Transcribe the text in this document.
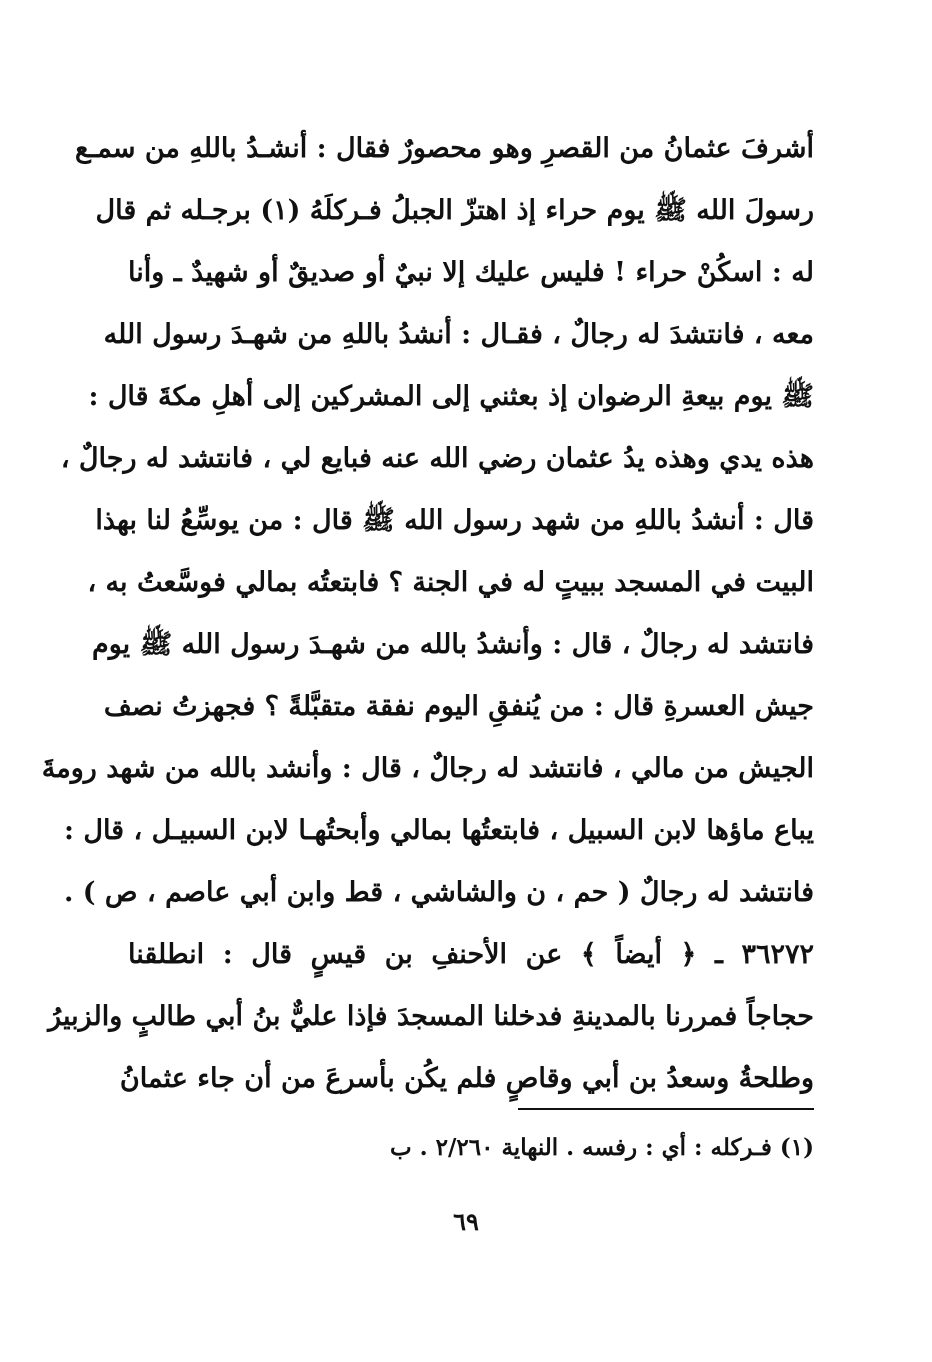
أشرفَ عثمانُ من القصرِ وهو محصورٌ فقال : أنشـدُ باللهِ من سمـع
رسولَ الله ﷺ يوم حراء إذ اهتزّ الجبلُ فـركلَهُ (١) برجـله ثم قال
له : اسكُنْ حراء ! فليس عليك إلا نبيٌ أو صديقٌ أو شهيدٌ ـ وأنا
معه ، فانتشدَ له رجالٌ ، فقـال : أنشدُ باللهِ من شهـدَ رسول الله
ﷺ يوم بيعةِ الرضوان إذ بعثني إلى المشركين إلى أهلِ مكةَ قال :
هذه يدي وهذه يدُ عثمان رضي الله عنه فبايع لي ، فانتشد له رجالٌ ،
قال : أنشدُ باللهِ من شهد رسول الله ﷺ قال : من يوسِّعُ لنا بهذا
البيت في المسجد ببيتٍ له في الجنة ؟ فابتعتُه بمالي فوسَّعتُ به ،
فانتشد له رجالٌ ، قال : وأنشدُ بالله من شهـدَ رسول الله ﷺ يوم
جيش العسرةِ قال : من يُنفقِ اليوم نفقة متقبَّلةً ؟ فجهزتُ نصف
الجيش من مالي ، فانتشد له رجالٌ ، قال : وأنشد بالله من شهد رومةَ
يباع ماؤها لابن السبيل ، فابتعتُها بمالي وأبحتُهـا لابن السبيـل ، قال :
فانتشد له رجالٌ ( حم ، ن والشاشي ، قط وابن أبي عاصم ، ص ) .
٣٦٢٧٢ ـ ﴿ أيضاً ﴾ عن الأحنفِ بن قيسٍ قال : انطلقنا
حجاجاً فمررنا بالمدينةِ فدخلنا المسجدَ فإذا عليٌّ بنُ أبي طالبٍ والزبيرُ
وطلحةُ وسعدُ بن أبي وقاصٍ فلم يكُن بأسرعَ من أن جاء عثمانُ
(١) فـركله : أي : رفسه . النهاية ٢/٢٦٠ . ب
٦٩
